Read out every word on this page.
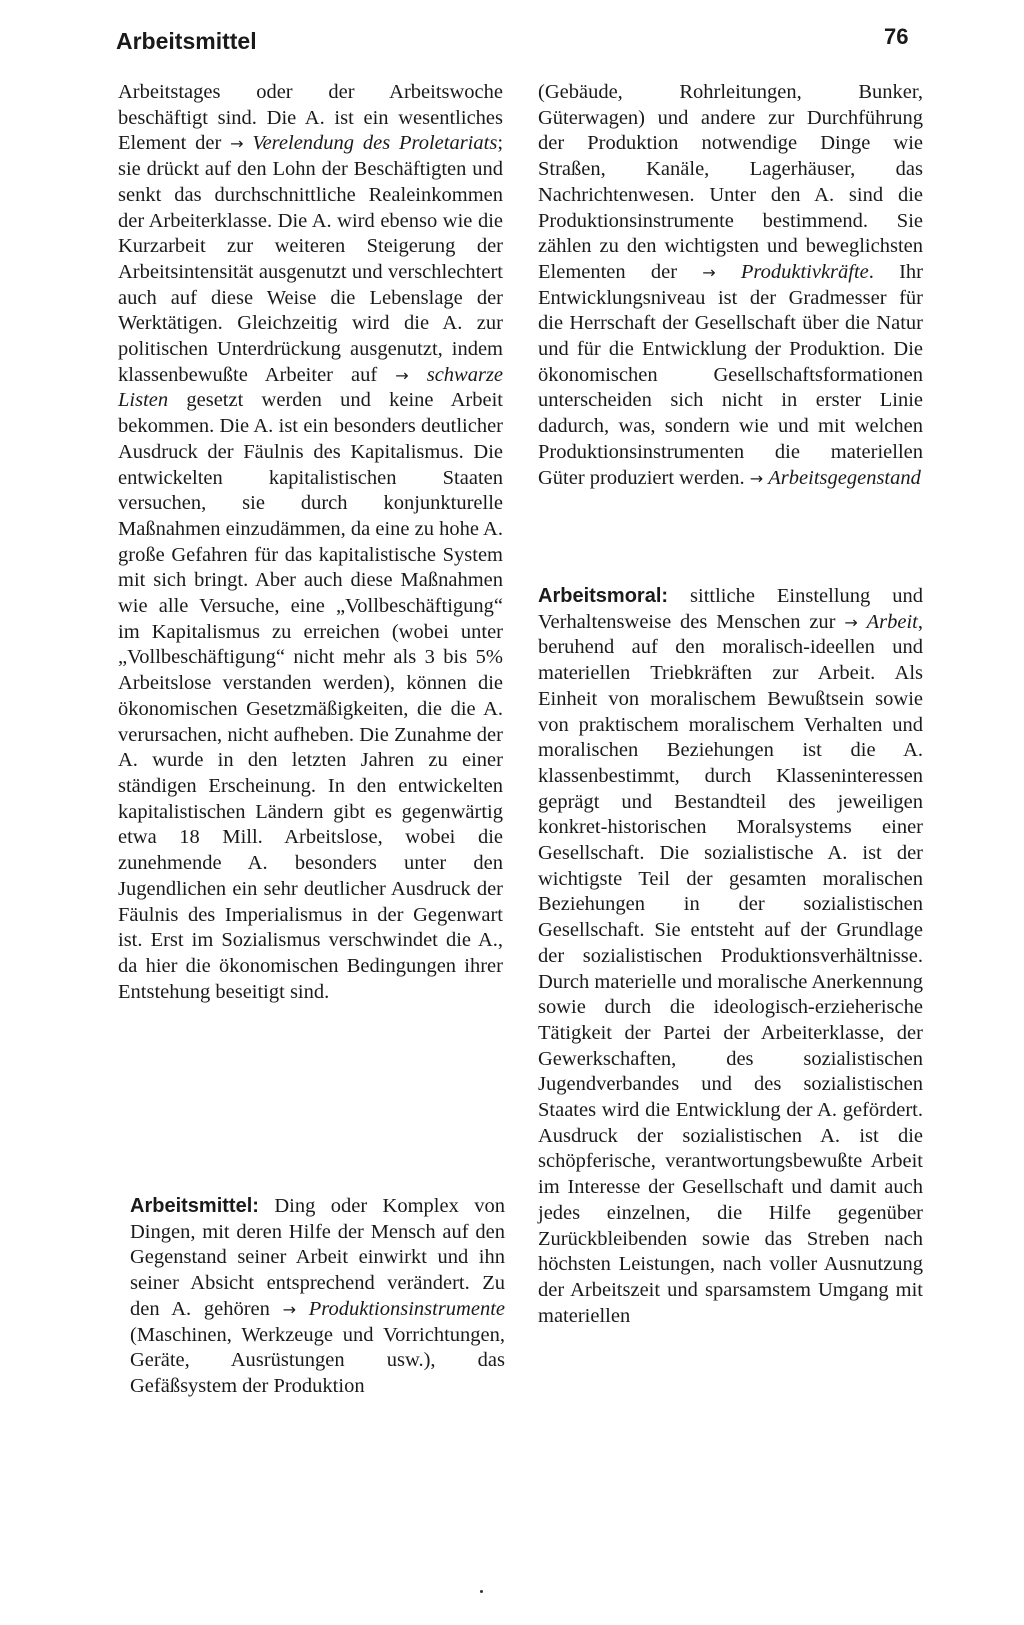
Arbeitsmittel	76

Arbeitstages oder der Arbeitswoche beschäftigt sind. Die A. ist ein wesentliches Element der → Verelendung des Proletariats; sie drückt auf den Lohn der Beschäftigten und senkt das durchschnittliche Realeinkommen der Arbeiterklasse. Die A. wird ebenso wie die Kurzarbeit zur weiteren Steigerung der Arbeitsintensität ausgenutzt und verschlechtert auch auf diese Weise die Lebenslage der Werktätigen. Gleichzeitig wird die A. zur politischen Unterdrückung ausgenutzt, indem klassenbewußte Arbeiter auf → schwarze Listen gesetzt werden und keine Arbeit bekommen. Die A. ist ein besonders deutlicher Ausdruck der Fäulnis des Kapitalismus. Die entwickelten kapitalistischen Staaten versuchen, sie durch konjunkturelle Maßnahmen einzudämmen, da eine zu hohe A. große Gefahren für das kapitalistische System mit sich bringt. Aber auch diese Maßnahmen wie alle Versuche, eine „Vollbeschäftigung“ im Kapitalismus zu erreichen (wobei unter „Vollbeschäftigung“ nicht mehr als 3 bis 5% Arbeitslose verstanden werden), können die ökonomischen Gesetzmäßigkeiten, die die A. verursachen, nicht aufheben. Die Zunahme der A. wurde in den letzten Jahren zu einer ständigen Erscheinung. In den entwickelten kapitalistischen Ländern gibt es gegenwärtig etwa 18 Mill. Arbeitslose, wobei die zunehmende A. besonders unter den Jugendlichen ein sehr deutlicher Ausdruck der Fäulnis des Imperialismus in der Gegenwart ist. Erst im Sozialismus verschwindet die A., da hier die ökonomischen Bedingungen ihrer Entstehung beseitigt sind.

Arbeitsmittel: Ding oder Komplex von Dingen, mit deren Hilfe der Mensch auf den Gegenstand seiner Arbeit einwirkt und ihn seiner Absicht entsprechend verändert. Zu den A. gehören → Produktionsinstrumente (Maschinen, Werkzeuge und Vorrichtungen, Geräte, Ausrüstungen usw.), das Gefäßsystem der Produktion

(Gebäude, Rohrleitungen, Bunker, Güterwagen) und andere zur Durchführung der Produktion notwendige Dinge wie Straßen, Kanäle, Lagerhäuser, das Nachrichtenwesen. Unter den A. sind die Produktionsinstrumente bestimmend. Sie zählen zu den wichtigsten und beweglichsten Elementen der → Produktivkräfte. Ihr Entwicklungsniveau ist der Gradmesser für die Herrschaft der Gesellschaft über die Natur und für die Entwicklung der Produktion. Die ökonomischen Gesellschaftsformationen unterscheiden sich nicht in erster Linie dadurch, was, sondern wie und mit welchen Produktionsinstrumenten die materiellen Güter produziert werden. → Arbeitsgegenstand

Arbeitsmoral: sittliche Einstellung und Verhaltensweise des Menschen zur → Arbeit, beruhend auf den moralisch-ideellen und materiellen Triebkräften zur Arbeit. Als Einheit von moralischem Bewußtsein sowie von praktischem moralischem Verhalten und moralischen Beziehungen ist die A. klassenbestimmt, durch Klasseninteressen geprägt und Bestandteil des jeweiligen konkret-historischen Moralsystems einer Gesellschaft. Die sozialistische A. ist der wichtigste Teil der gesamten moralischen Beziehungen in der sozialistischen Gesellschaft. Sie entsteht auf der Grundlage der sozialistischen Produktionsverhältnisse. Durch materielle und moralische Anerkennung sowie durch die ideologisch-erzieherische Tätigkeit der Partei der Arbeiterklasse, der Gewerkschaften, des sozialistischen Jugendverbandes und des sozialistischen Staates wird die Entwicklung der A. gefördert. Ausdruck der sozialistischen A. ist die schöpferische, verantwortungsbewußte Arbeit im Interesse der Gesellschaft und damit auch jedes einzelnen, die Hilfe gegenüber Zurückbleibenden sowie das Streben nach höchsten Leistungen, nach voller Ausnutzung der Arbeitszeit und sparsamstem Umgang mit materiellen
